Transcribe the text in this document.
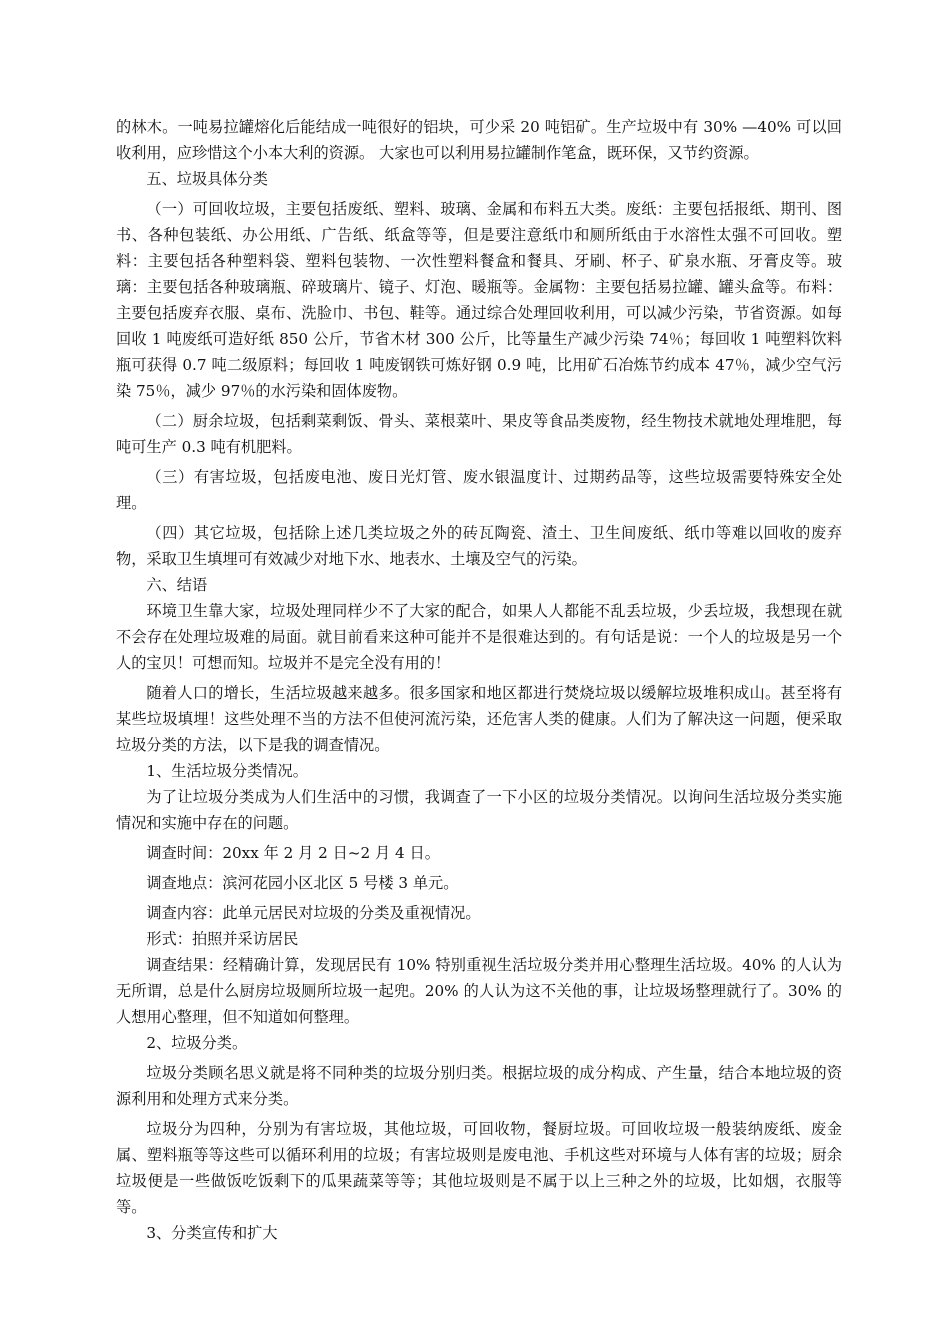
的林木。一吨易拉罐熔化后能结成一吨很好的铝块，可少采 20 吨铝矿。生产垃圾中有 30% —40% 可以回收利用，应珍惜这个小本大利的资源。 大家也可以利用易拉罐制作笔盒，既环保，又节约资源。

五、垃圾具体分类

（一）可回收垃圾，主要包括废纸、塑料、玻璃、金属和布料五大类。废纸：主要包括报纸、期刊、图书、各种包装纸、办公用纸、广告纸、纸盒等等，但是要注意纸巾和厕所纸由于水溶性太强不可回收。塑料：主要包括各种塑料袋、塑料包装物、一次性塑料餐盒和餐具、牙刷、杯子、矿泉水瓶、牙膏皮等。玻璃：主要包括各种玻璃瓶、碎玻璃片、镜子、灯泡、暖瓶等。金属物：主要包括易拉罐、罐头盒等。布料：主要包括废弃衣服、桌布、洗脸巾、书包、鞋等。通过综合处理回收利用，可以减少污染，节省资源。如每回收 1 吨废纸可造好纸 850 公斤，节省木材 300 公斤，比等量生产减少污染 74％；每回收 1 吨塑料饮料瓶可获得 0.7 吨二级原料；每回收 1 吨废钢铁可炼好钢 0.9 吨，比用矿石冶炼节约成本 47％，减少空气污染 75％，减少 97％的水污染和固体废物。

（二）厨余垃圾，包括剩菜剩饭、骨头、菜根菜叶、果皮等食品类废物，经生物技术就地处理堆肥，每吨可生产 0.3 吨有机肥料。

（三）有害垃圾，包括废电池、废日光灯管、废水银温度计、过期药品等，这些垃圾需要特殊安全处理。

（四）其它垃圾，包括除上述几类垃圾之外的砖瓦陶瓷、渣土、卫生间废纸、纸巾等难以回收的废弃物，采取卫生填埋可有效减少对地下水、地表水、土壤及空气的污染。

六、结语

环境卫生靠大家，垃圾处理同样少不了大家的配合，如果人人都能不乱丢垃圾，少丢垃圾，我想现在就不会存在处理垃圾难的局面。就目前看来这种可能并不是很难达到的。有句话是说：一个人的垃圾是另一个人的宝贝！可想而知。垃圾并不是完全没有用的！

随着人口的增长，生活垃圾越来越多。很多国家和地区都进行焚烧垃圾以缓解垃圾堆积成山。甚至将有某些垃圾填埋！这些处理不当的方法不但使河流污染，还危害人类的健康。人们为了解决这一问题，便采取垃圾分类的方法，以下是我的调查情况。

1、生活垃圾分类情况。

为了让垃圾分类成为人们生活中的习惯，我调查了一下小区的垃圾分类情况。以询问生活垃圾分类实施情况和实施中存在的问题。

调查时间：20xx 年 2 月 2 日~2 月 4 日。

调查地点：滨河花园小区北区 5 号楼 3 单元。

调查内容：此单元居民对垃圾的分类及重视情况。

形式：拍照并采访居民

调查结果：经精确计算，发现居民有 10% 特别重视生活垃圾分类并用心整理生活垃圾。40% 的人认为无所谓，总是什么厨房垃圾厕所垃圾一起兜。20% 的人认为这不关他的事，让垃圾场整理就行了。30% 的人想用心整理，但不知道如何整理。

2、垃圾分类。

垃圾分类顾名思义就是将不同种类的垃圾分别归类。根据垃圾的成分构成、产生量，结合本地垃圾的资源利用和处理方式来分类。

垃圾分为四种，分别为有害垃圾，其他垃圾，可回收物，餐厨垃圾。可回收垃圾一般装纳废纸、废金属、塑料瓶等等这些可以循环利用的垃圾；有害垃圾则是废电池、手机这些对环境与人体有害的垃圾；厨余垃圾便是一些做饭吃饭剩下的瓜果蔬菜等等；其他垃圾则是不属于以上三种之外的垃圾，比如烟，衣服等等。

3、分类宣传和扩大
